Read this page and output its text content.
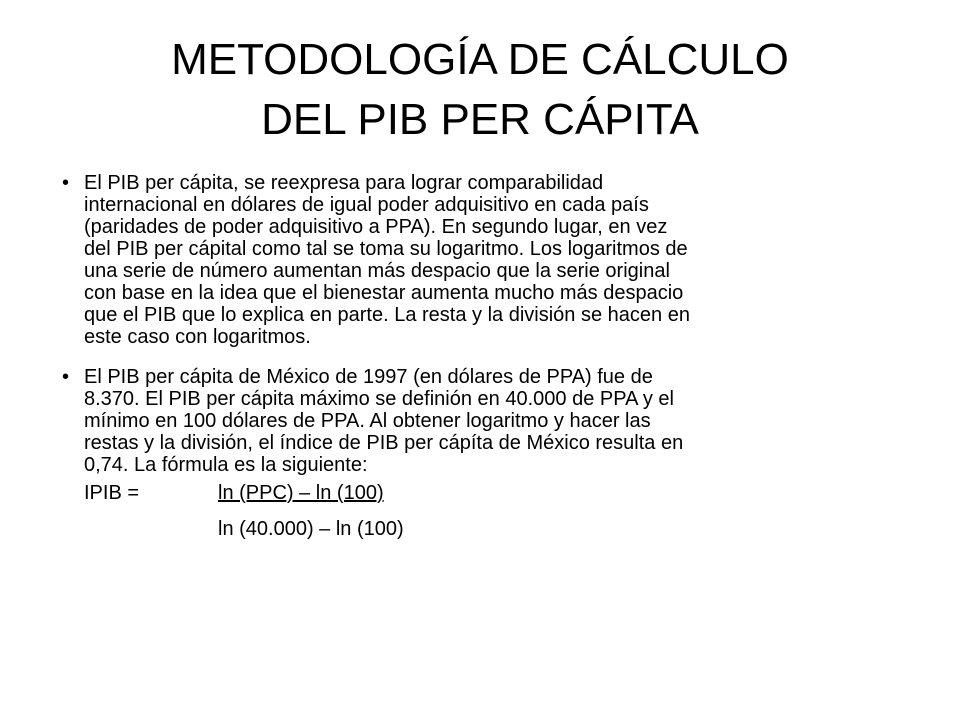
METODOLOGÍA DE CÁLCULO
DEL PIB PER CÁPITA
• El PIB per cápita, se reexpresa para lograr comparabilidad
internacional en dólares de igual poder adquisitivo en cada país
(paridades de poder adquisitivo a PPA). En segundo lugar, en vez
del PIB per cápital como tal se toma su logaritmo. Los logaritmos de
una serie de número aumentan más despacio que la serie original
con base en la idea que el bienestar aumenta mucho más despacio
que el PIB que lo explica en parte. La resta y la división se hacen en
este caso con logaritmos.
• El PIB per cápita de México de 1997 (en dólares de PPA) fue de
8.370. El PIB per cápita máximo se definión en 40.000 de PPA y el
mínimo en 100 dólares de PPA. Al obtener logaritmo y hacer las
restas y la división, el índice de PIB per cápíta de México resulta en
0,74. La fórmula es la siguiente:
IPIB =	ln (PPC) – ln (100)
ln (40.000) – ln (100)
